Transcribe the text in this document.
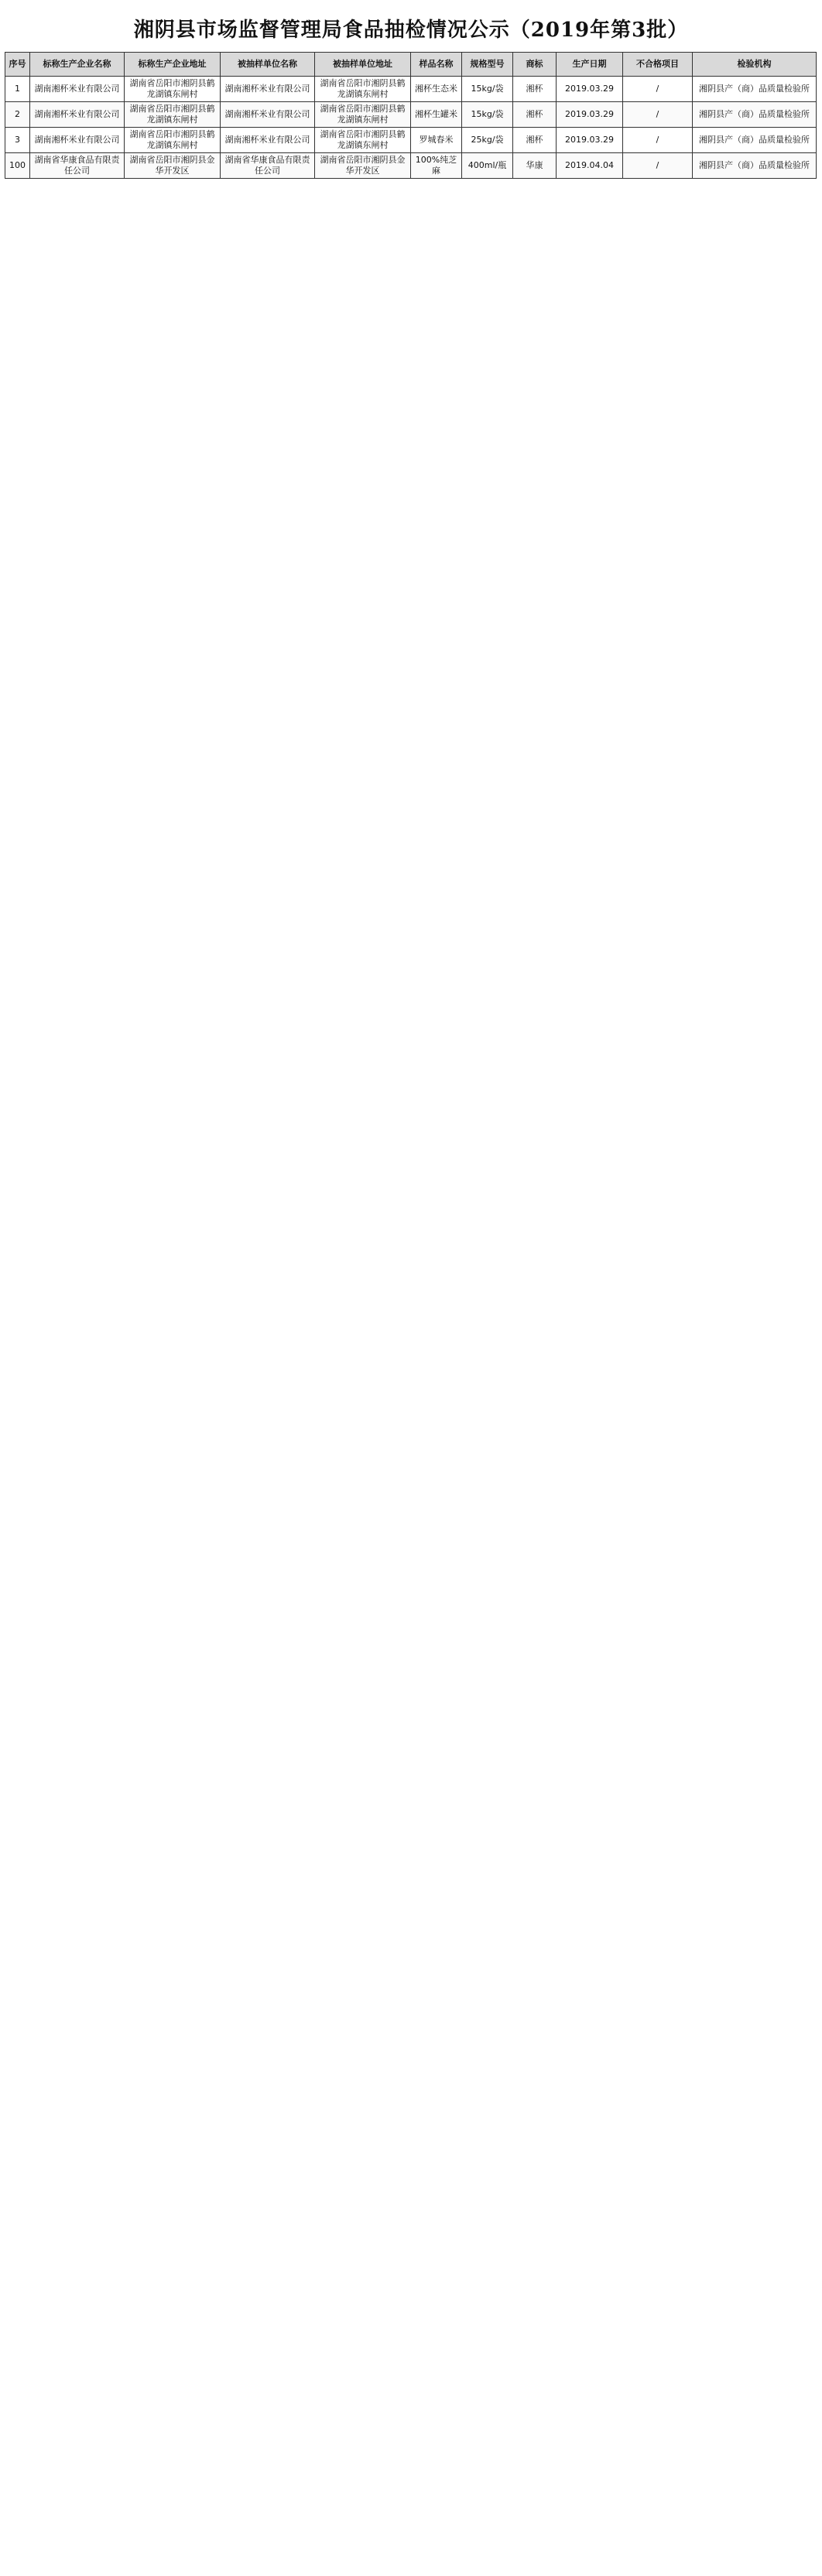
湘阴县市场监督管理局食品抽检情况公示（2019年第3批）
序号	标称生产企业名称	标称生产企业地址	被抽样单位名称	被抽样单位地址	样品名称	规格型号	商标	生产日期	不合格项目	检验机构
1	湖南湘杯米业有限公司	湖南省岳阳市湘阴县鹤龙湖镇东闸村	湖南湘杯米业有限公司	湖南省岳阳市湘阴县鹤龙湖镇东闸村	湘杯生态米	15kg/袋	湘杯	2019.03.29	/	湘阴县产（商）品质量检验所
2	湖南湘杯米业有限公司	湖南省岳阳市湘阴县鹤龙湖镇东闸村	湖南湘杯米业有限公司	湖南省岳阳市湘阴县鹤龙湖镇东闸村	湘杯生罐米	15kg/袋	湘杯	2019.03.29	/	湘阴县产（商）品质量检验所
3	湖南湘杯米业有限公司	湖南省岳阳市湘阴县鹤龙湖镇东闸村	湖南湘杯米业有限公司	湖南省岳阳市湘阴县鹤龙湖镇东闸村	罗城春米	25kg/袋	湘杯	2019.03.29	/	湘阴县产（商）品质量检验所
100	湖南省华康食品有限责任公司	湖南省岳阳市湘阴县金华开发区	湖南省华康食品有限责任公司	湖南省岳阳市湘阴县金华开发区	100%纯芝麻	400ml/瓶	华康	2019.04.04	/	湘阴县产（商）品质量检验所
